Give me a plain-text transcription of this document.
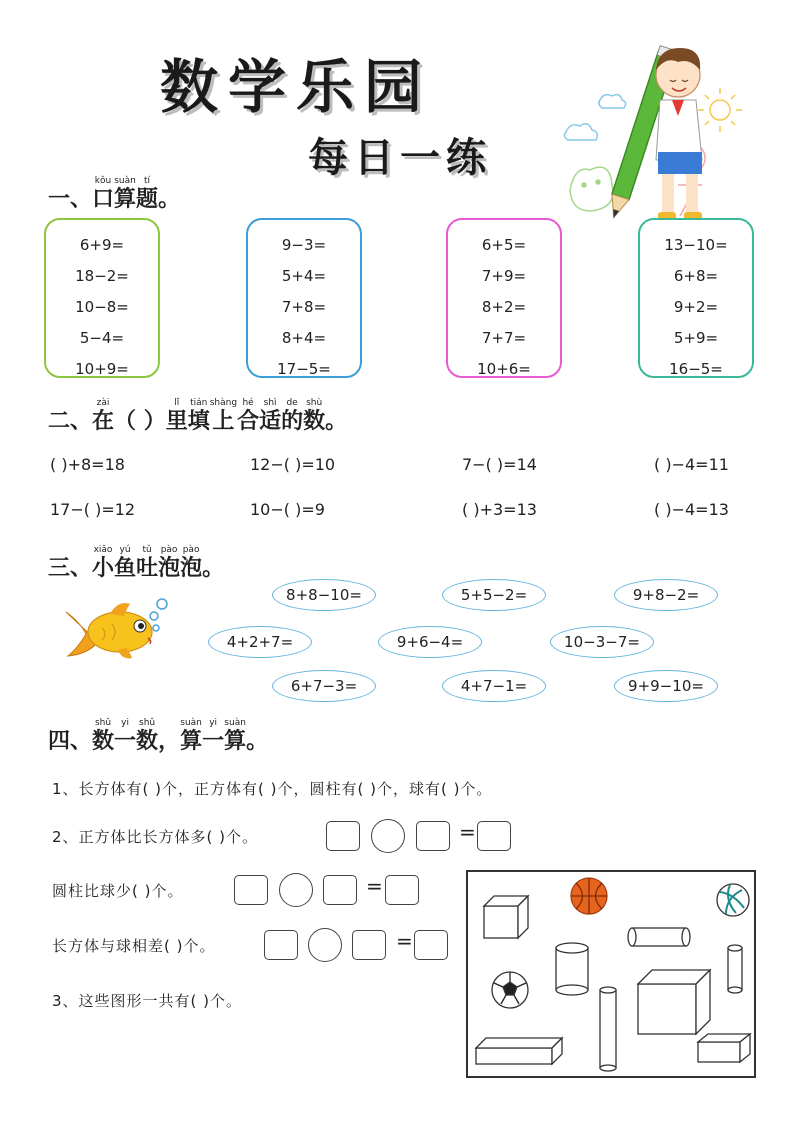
数学乐园
每日一练
一、
kǒu
口
suàn
算
tí
题 。
6+9=
18−2=
10−8=
5−4=
10+9=
9−3=
5+4=
7+8=
8+4=
17−5=
6+5=
7+9=
8+2=
7+7=
10+6=
13−10=
6+8=
9+2=
5+9=
16−5=
二、
zài
在 （ ）
lǐ
里
tián
填
shàng
上
hé
合
shì
适
de
的
shù
数 。
( )+8=18	12−( )=10	7−( )=14	( )−4=11
17−( )=12	10−( )=9	( )+3=13	( )−4=13
三、
xiǎo
小
yú
鱼
tǔ
吐
pào
泡
pào
泡 。
8+8−10=	5+5−2=	9+8−2=
4+2+7=	9+6−4=	10−3−7=
6+7−3=	4+7−1=	9+9−10=
四、
shǔ
数
yi
一
shǔ
数 ，
suàn
算
yi
一
suàn
算 。
1、长方体有( )个，正方体有( )个，圆柱有( )个，球有( )个。
2、正方体比长方体多( )个。	=
圆柱比球少( )个。	=
长方体与球相差( )个。	=
3、这些图形一共有( )个。
